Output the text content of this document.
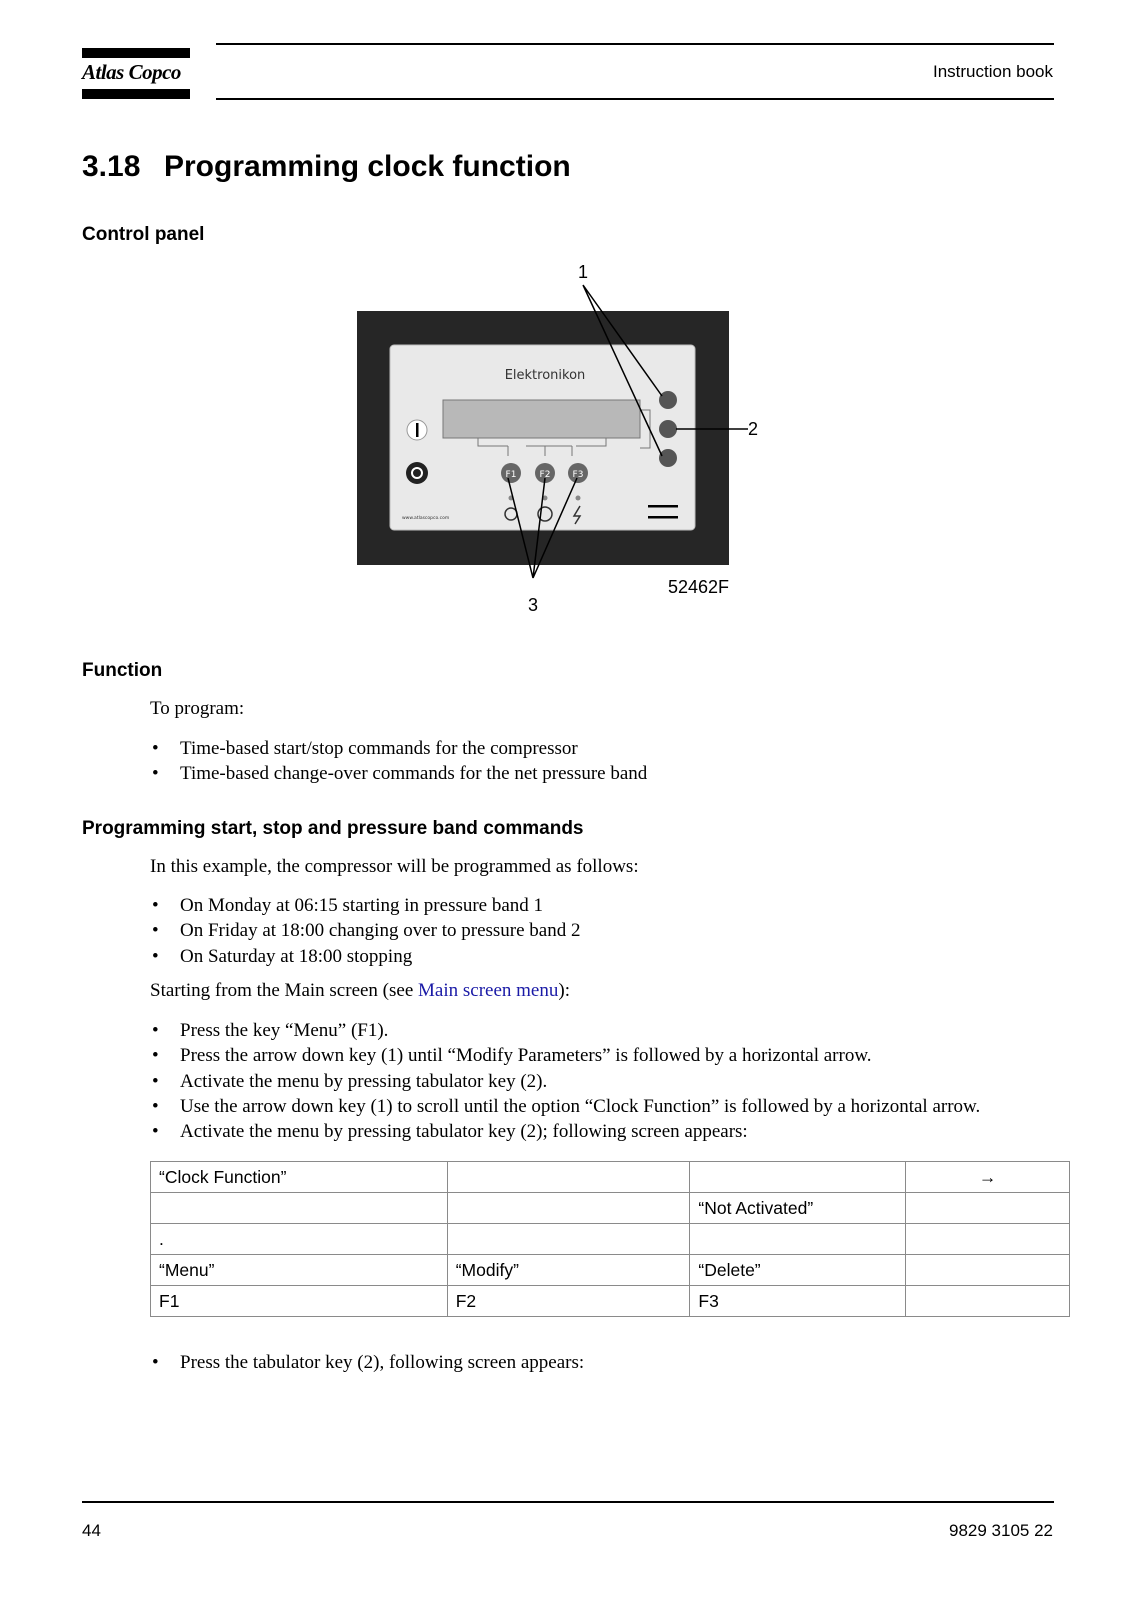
Atlas Copco	Instruction book
3.18 Programming clock function
Control panel
Elektronikon
F1	F2 F3
www.atlascopco.com
1
2
3
52462F
Function
To program:
• Time-based start/stop commands for the compressor
• Time-based change-over commands for the net pressure band
Programming start, stop and pressure band commands
In this example, the compressor will be programmed as follows:
• On Monday at 06:15 starting in pressure band 1
• On Friday at 18:00 changing over to pressure band 2
• On Saturday at 18:00 stopping
Starting from the Main screen (see Main screen menu):
• Press the key “Menu” (F1).
• Press the arrow down key (1) until “Modify Parameters” is followed by a horizontal arrow.
• Activate the menu by pressing tabulator key (2).
• Use the arrow down key (1) to scroll until the option “Clock Function” is followed by a horizontal arrow.
• Activate the menu by pressing tabulator key (2); following screen appears:
“Clock Function”			→
		“Not Activated”	
.			
“Menu”	“Modify”	“Delete”	
F1	F2	F3	
• Press the tabulator key (2), following screen appears:
44	9829 3105 22
